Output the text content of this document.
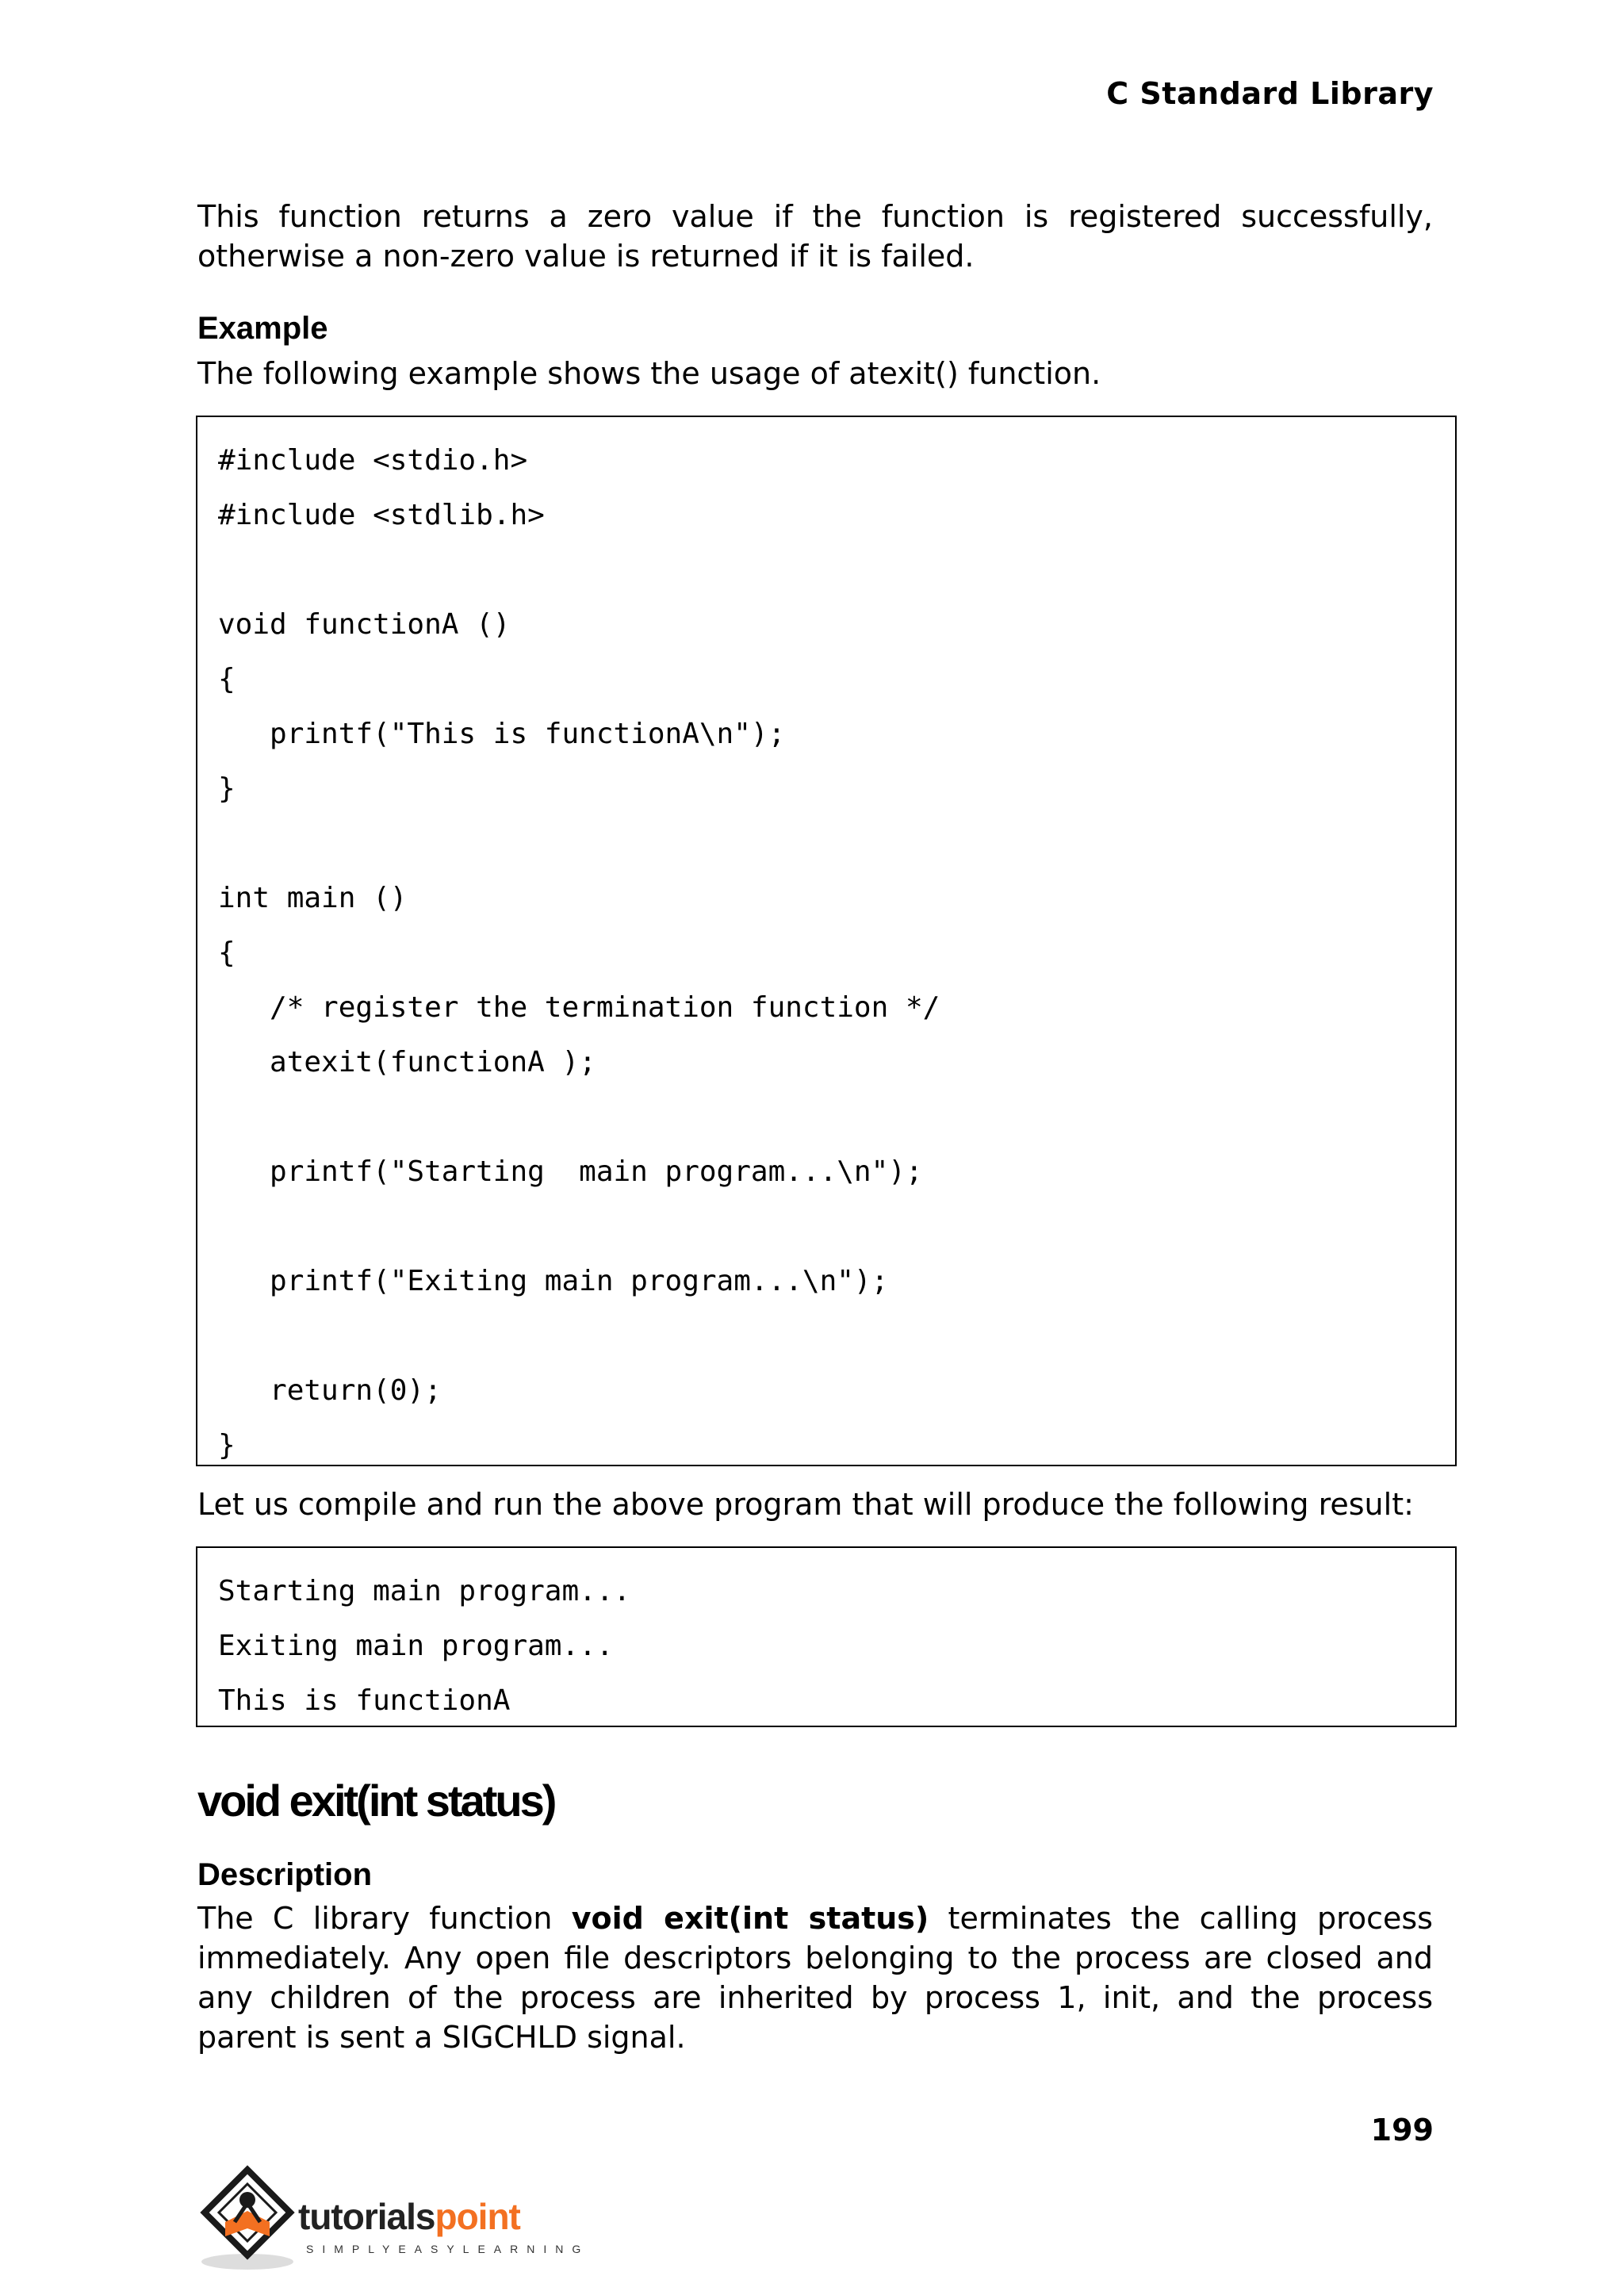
C Standard Library
This function returns a zero value if the function is registered successfully,
otherwise a non-zero value is returned if it is failed.
Example
The following example shows the usage of atexit() function.
#include <stdio.h>
#include <stdlib.h>
void functionA ()
{
printf("This is functionA\n");
}
int main ()
{
/* register the termination function */
atexit(functionA );
printf("Starting  main program...\n");
printf("Exiting main program...\n");
return(0);
}
Let us compile and run the above program that will produce the following result:
Starting main program...
Exiting main program...
This is functionA
void exit(int status)
Description
The C library function void exit(int status) terminates the calling process
immediately. Any open file descriptors belonging to the process are closed and
any children of the process are inherited by process 1, init, and the process
parent is sent a SIGCHLD signal.
199
tutorialspoint
SIMPLYEASYLEARNING
